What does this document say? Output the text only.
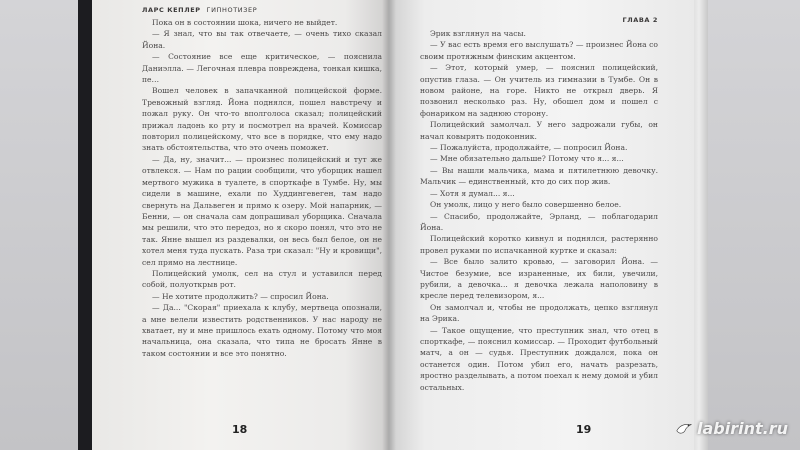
ЛАРС КЕПЛЕР ГИПНОТИЗЕР

Пока он в состоянии шока, ничего не выйдет.

— Я знал, что вы так отвечаете, — очень тихо сказал Йона.

— Состояние все еще критическое, — пояснила Даниэлла. — Легочная плевра повреждена, тонкая кишка, пе…

Вошел человек в запачканной полицейской форме. Тревожный взгляд. Йона поднялся, пошел навстречу и пожал руку. Он что-то вполголоса сказал; полицейский прижал ладонь ко рту и посмотрел на врачей. Комиссар повторил полицейскому, что все в порядке, что ему надо знать обстоятельства, что это очень поможет.

— Да, ну, значит... — произнес полицейский и тут же отвлекся. — Нам по рации сообщили, что уборщик нашел мертвого мужика в туалете, в спорткафе в Тумбе. Ну, мы сидели в машине, ехали по Худдингевеген, там надо свернуть на Дальвеген и прямо к озеру. Мой напарник, — Бенни, — он сначала сам допрашивал уборщика. Сначала мы решили, что это передоз, но я скоро понял, что это не так. Янне вышел из раздевалки, он весь был белое, он не хотел меня туда пускать. Раза три сказал: "Ну и кровищи", сел прямо на лестнице.

Полицейский умолк, сел на стул и уставился перед собой, полуоткрыв рот.

— Не хотите продолжить? — спросил Йона.

— Да... "Скорая" приехала к клубу, мертвеца опознали, а мне велели известить родственников. У нас народу не хватает, ну и мне пришлось ехать одному. Потому что моя начальница, она сказала, что типа не бросать Янне в таком состоянии и все это понятно.

18
ГЛАВА 2

Эрик взглянул на часы.

— У вас есть время его выслушать? — произнес Йона со своим протяжным финским акцентом.

— Этот, который умер, — пояснил полицейский, опустив глаза. — Он учитель из гимназии в Тумбе. Он в новом районе, на горе. Никто не открыл дверь. Я позвонил несколько раз. Ну, обошел дом и пошел с фонариком на заднюю сторону.

Полицейский замолчал. У него задрожали губы, он начал ковырять подоконник.

— Пожалуйста, продолжайте, — попросил Йона.

— Мне обязательно дальше? Потому что я... я...

— Вы нашли мальчика, мама и пятилетнюю девочку. Мальчик — единственный, кто до сих пор жив.

— Хотя я думал... я...

Он умолк, лицо у него было совершенно белое.

— Спасибо, продолжайте, Эрланд, — поблагодарил Йона.

Полицейский коротко кивнул и поднялся, растерянно провел руками по испачканной куртке и сказал:

— Все было залито кровью, — заговорил Йона. — Чистое безумие, все израненные, их били, увечили, рубили, а девочка... я девочка лежала наполовину в кресле перед телевизором, я...

Он замолчал и, чтобы не продолжать, цепко взглянул на Эрика.

— Такое ощущение, что преступник знал, что отец в спорткафе, — пояснил комиссар. — Проходит футбольный матч, а он — судья. Преступник дождался, пока он останется один. Потом убил его, начать разрезать, яростно разделывать, а потом поехал к нему домой и убил остальных.

19	labirint.ru
